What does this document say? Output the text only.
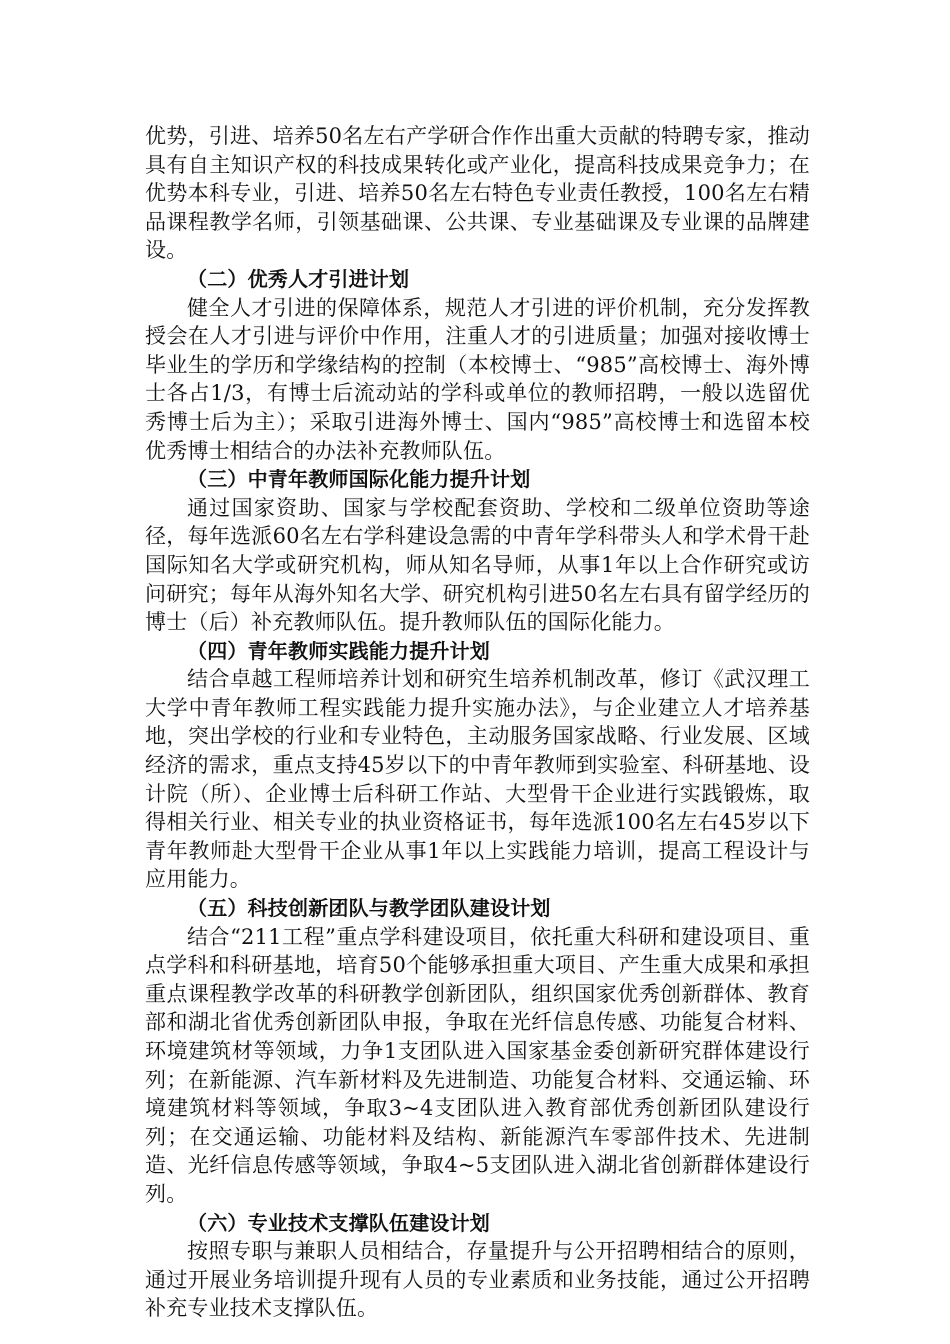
优势，引进、培养50名左右产学研合作作出重大贡献的特聘专家，推动具有自主知识产权的科技成果转化或产业化，提高科技成果竞争力；在优势本科专业，引进、培养50名左右特色专业责任教授，100名左右精品课程教学名师，引领基础课、公共课、专业基础课及专业课的品牌建设。

（二）优秀人才引进计划

健全人才引进的保障体系，规范人才引进的评价机制，充分发挥教授会在人才引进与评价中作用，注重人才的引进质量；加强对接收博士毕业生的学历和学缘结构的控制（本校博士、“985”高校博士、海外博士各占1/3，有博士后流动站的学科或单位的教师招聘，一般以选留优秀博士后为主）；采取引进海外博士、国内“985”高校博士和选留本校优秀博士相结合的办法补充教师队伍。

（三）中青年教师国际化能力提升计划

通过国家资助、国家与学校配套资助、学校和二级单位资助等途径，每年选派60名左右学科建设急需的中青年学科带头人和学术骨干赴国际知名大学或研究机构，师从知名导师，从事1年以上合作研究或访问研究；每年从海外知名大学、研究机构引进50名左右具有留学经历的博士（后）补充教师队伍。提升教师队伍的国际化能力。

（四）青年教师实践能力提升计划

结合卓越工程师培养计划和研究生培养机制改革，修订《武汉理工大学中青年教师工程实践能力提升实施办法》，与企业建立人才培养基地，突出学校的行业和专业特色，主动服务国家战略、行业发展、区域经济的需求，重点支持45岁以下的中青年教师到实验室、科研基地、设计院（所）、企业博士后科研工作站、大型骨干企业进行实践锻炼，取得相关行业、相关专业的执业资格证书，每年选派100名左右45岁以下青年教师赴大型骨干企业从事1年以上实践能力培训，提高工程设计与应用能力。

（五）科技创新团队与教学团队建设计划

结合“211工程”重点学科建设项目，依托重大科研和建设项目、重点学科和科研基地，培育50个能够承担重大项目、产生重大成果和承担重点课程教学改革的科研教学创新团队，组织国家优秀创新群体、教育部和湖北省优秀创新团队申报，争取在光纤信息传感、功能复合材料、环境建筑材等领域，力争1支团队进入国家基金委创新研究群体建设行列；在新能源、汽车新材料及先进制造、功能复合材料、交通运输、环境建筑材料等领域，争取3~4支团队进入教育部优秀创新团队建设行列；在交通运输、功能材料及结构、新能源汽车零部件技术、先进制造、光纤信息传感等领域，争取4~5支团队进入湖北省创新群体建设行列。

（六）专业技术支撑队伍建设计划

按照专职与兼职人员相结合，存量提升与公开招聘相结合的原则，通过开展业务培训提升现有人员的专业素质和业务技能，通过公开招聘补充专业技术支撑队伍。
